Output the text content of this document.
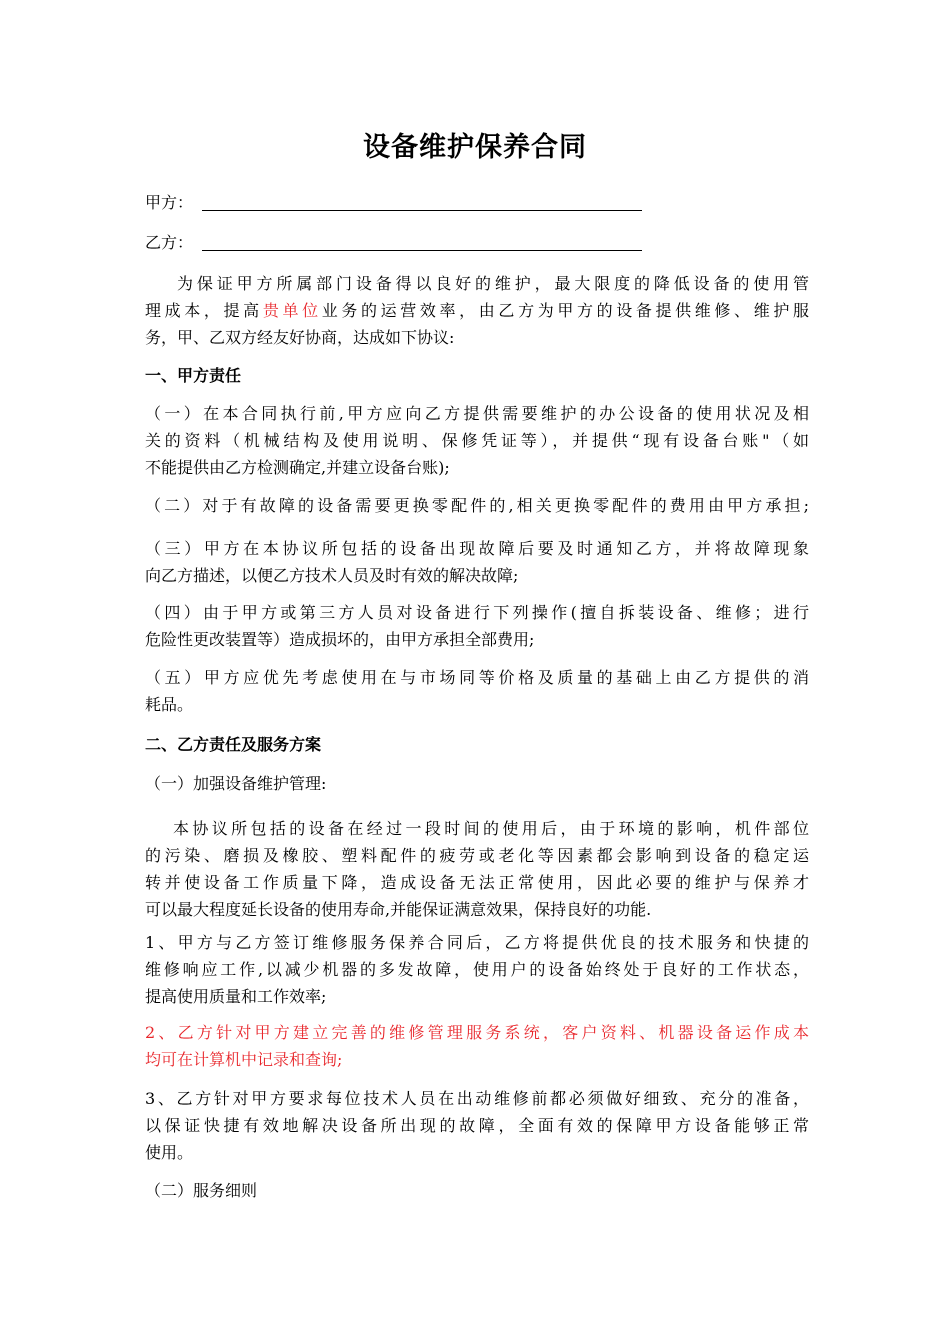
设备维护保养合同
甲方：
乙方：
为保证甲方所属部门设备得以良好的维护，最大限度的降低设备的使用管
理成本，提高贵单位业务的运营效率，由乙方为甲方的设备提供维修、维护服
务，甲、乙双方经友好协商，达成如下协议:
一、甲方责任
（一）在本合同执行前,甲方应向乙方提供需要维护的办公设备的使用状况及相
关的资料（机械结构及使用说明、保修凭证等），并提供“现有设备台账"（如
不能提供由乙方检测确定,并建立设备台账);
（二）对于有故障的设备需要更换零配件的,相关更换零配件的费用由甲方承担;
（三）甲方在本协议所包括的设备出现故障后要及时通知乙方，并将故障现象
向乙方描述，以便乙方技术人员及时有效的解决故障;
（四）由于甲方或第三方人员对设备进行下列操作(擅自拆装设备、维修；进行
危险性更改装置等）造成损坏的，由甲方承担全部费用;
（五）甲方应优先考虑使用在与市场同等价格及质量的基础上由乙方提供的消
耗品。
二、乙方责任及服务方案
（一）加强设备维护管理:
本协议所包括的设备在经过一段时间的使用后，由于环境的影响，机件部位
的污染、磨损及橡胶、塑料配件的疲劳或老化等因素都会影响到设备的稳定运
转并使设备工作质量下降，造成设备无法正常使用，因此必要的维护与保养才
可以最大程度延长设备的使用寿命,并能保证满意效果，保持良好的功能.
1、甲方与乙方签订维修服务保养合同后，乙方将提供优良的技术服务和快捷的
维修响应工作,以减少机器的多发故障，使用户的设备始终处于良好的工作状态，
提高使用质量和工作效率;
2、乙方针对甲方建立完善的维修管理服务系统，客户资料、机器设备运作成本
均可在计算机中记录和查询;
3、乙方针对甲方要求每位技术人员在出动维修前都必须做好细致、充分的准备，
以保证快捷有效地解决设备所出现的故障，全面有效的保障甲方设备能够正常
使用。
（二）服务细则
